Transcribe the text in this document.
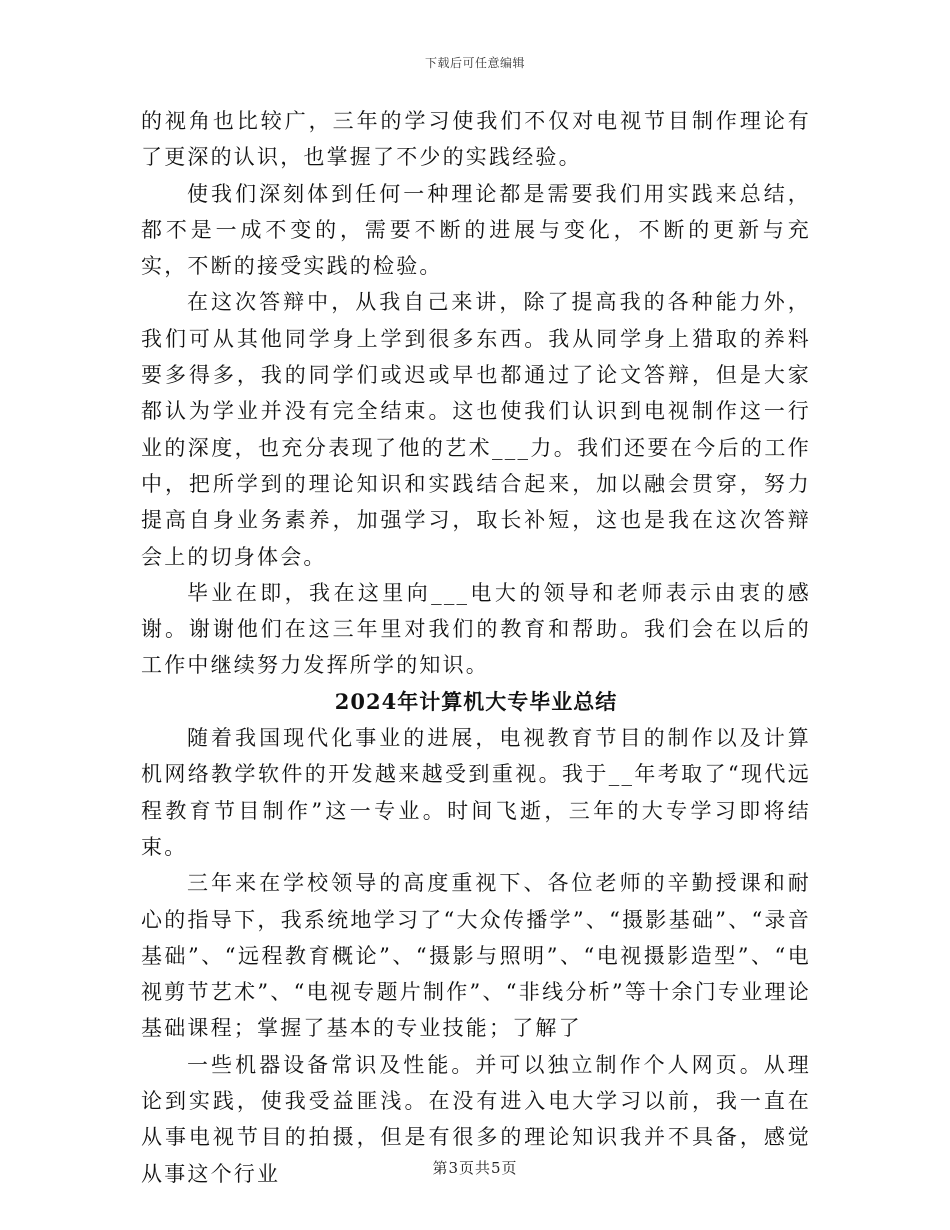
下载后可任意编辑

的视角也比较广，三年的学习使我们不仅对电视节目制作理论有了更深的认识，也掌握了不少的实践经验。

使我们深刻体到任何一种理论都是需要我们用实践来总结，都不是一成不变的，需要不断的进展与变化，不断的更新与充实，不断的接受实践的检验。

在这次答辩中，从我自己来讲，除了提高我的各种能力外，我们可从其他同学身上学到很多东西。我从同学身上猎取的养料要多得多，我的同学们或迟或早也都通过了论文答辩，但是大家都认为学业并没有完全结束。这也使我们认识到电视制作这一行业的深度，也充分表现了他的艺术___力。我们还要在今后的工作中，把所学到的理论知识和实践结合起来，加以融会贯穿，努力提高自身业务素养，加强学习，取长补短，这也是我在这次答辩会上的切身体会。

毕业在即，我在这里向___电大的领导和老师表示由衷的感谢。谢谢他们在这三年里对我们的教育和帮助。我们会在以后的工作中继续努力发挥所学的知识。

2024年计算机大专毕业总结

随着我国现代化事业的进展，电视教育节目的制作以及计算机网络教学软件的开发越来越受到重视。我于__年考取了“现代远程教育节目制作”这一专业。时间飞逝，三年的大专学习即将结束。

三年来在学校领导的高度重视下、各位老师的辛勤授课和耐心的指导下，我系统地学习了“大众传播学”、“摄影基础”、“录音基础”、“远程教育概论”、“摄影与照明”、“电视摄影造型”、“电视剪节艺术”、“电视专题片制作”、“非线分析”等十余门专业理论基础课程；掌握了基本的专业技能；了解了

一些机器设备常识及性能。并可以独立制作个人网页。从理论到实践，使我受益匪浅。在没有进入电大学习以前，我一直在从事电视节目的拍摄，但是有很多的理论知识我并不具备，感觉从事这个行业	第3页共5页
